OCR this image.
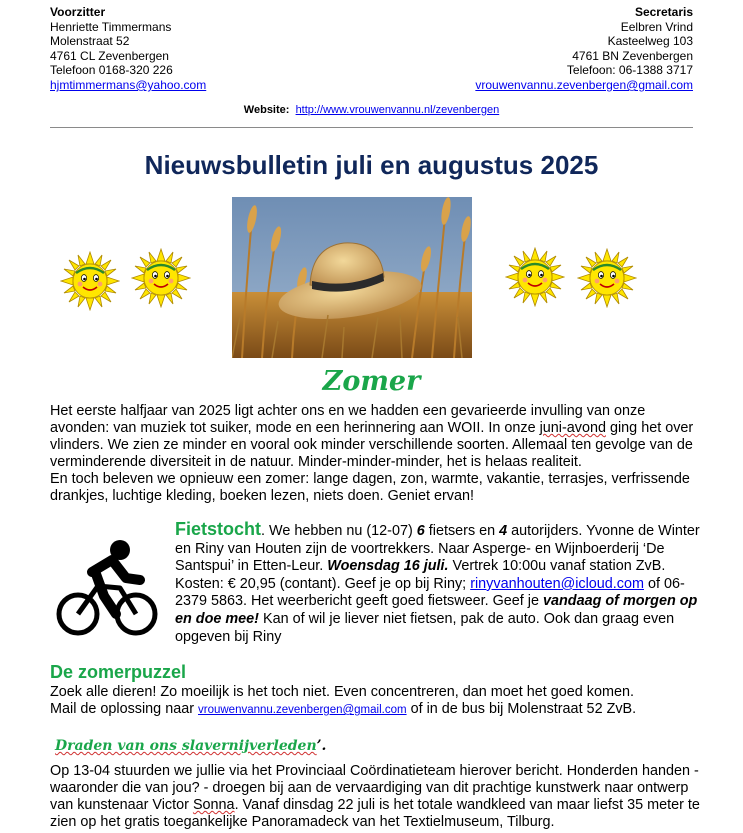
Voorzitter
Henriette Timmermans
Molenstraat 52
4761 CL Zevenbergen
Telefoon 0168-320 226
hjmtimmermans@yahoo.com
Secretaris
Eelbren Vrind
Kasteelweg 103
4761 BN Zevenbergen
Telefoon: 06-1388 3717
vrouwenvannu.zevenbergen@gmail.com
Website: http://www.vrouwenvannu.nl/zevenbergen
Nieuwsbulletin juli en augustus 2025
Zomer
Het eerste halfjaar van 2025 ligt achter ons en we hadden een gevarieerde invulling van onze avonden: van muziek tot suiker, mode en een herinnering aan WOII. In onze juni-avond ging het over vlinders. We zien ze minder en vooral ook minder verschillende soorten. Allemaal ten gevolge van de verminderende diversiteit in de natuur. Minder-minder-minder, het is helaas realiteit.
En toch beleven we opnieuw een zomer: lange dagen, zon, warmte, vakantie, terrasjes, verfrissende drankjes, luchtige kleding, boeken lezen, niets doen. Geniet ervan!
Fietstocht. We hebben nu (12-07) 6 fietsers en 4 autorijders. Yvonne de Winter en Riny van Houten zijn de voortrekkers. Naar Asperge- en Wijnboerderij ‘De Santspui’ in Etten-Leur. Woensdag 16 juli. Vertrek 10:00u vanaf station ZvB. Kosten: € 20,95 (contant). Geef je op bij Riny; rinyvanhouten@icloud.com of 06-2379 5863. Het weerbericht geeft goed fietsweer. Geef je vandaag of morgen op en doe mee! Kan of wil je liever niet fietsen, pak de auto. Ook dan graag even opgeven bij Riny
De zomerpuzzel
Zoek alle dieren! Zo moeilijk is het toch niet. Even concentreren, dan moet het goed komen.
Mail de oplossing naar vrouwenvannu.zevenbergen@gmail.com of in de bus bij Molenstraat 52 ZvB.
Draden van ons slavernijverleden’.
Op 13-04 stuurden we jullie via het Provinciaal Coördinatieteam hierover bericht. Honderden handen - waaronder die van jou? - droegen bij aan de vervaardiging van dit prachtige kunstwerk naar ontwerp van kunstenaar Victor Sonna. Vanaf dinsdag 22 juli is het totale wandkleed van maar liefst 35 meter te zien op het gratis toegankelijke Panoramadeck van het Textielmuseum, Tilburg.
